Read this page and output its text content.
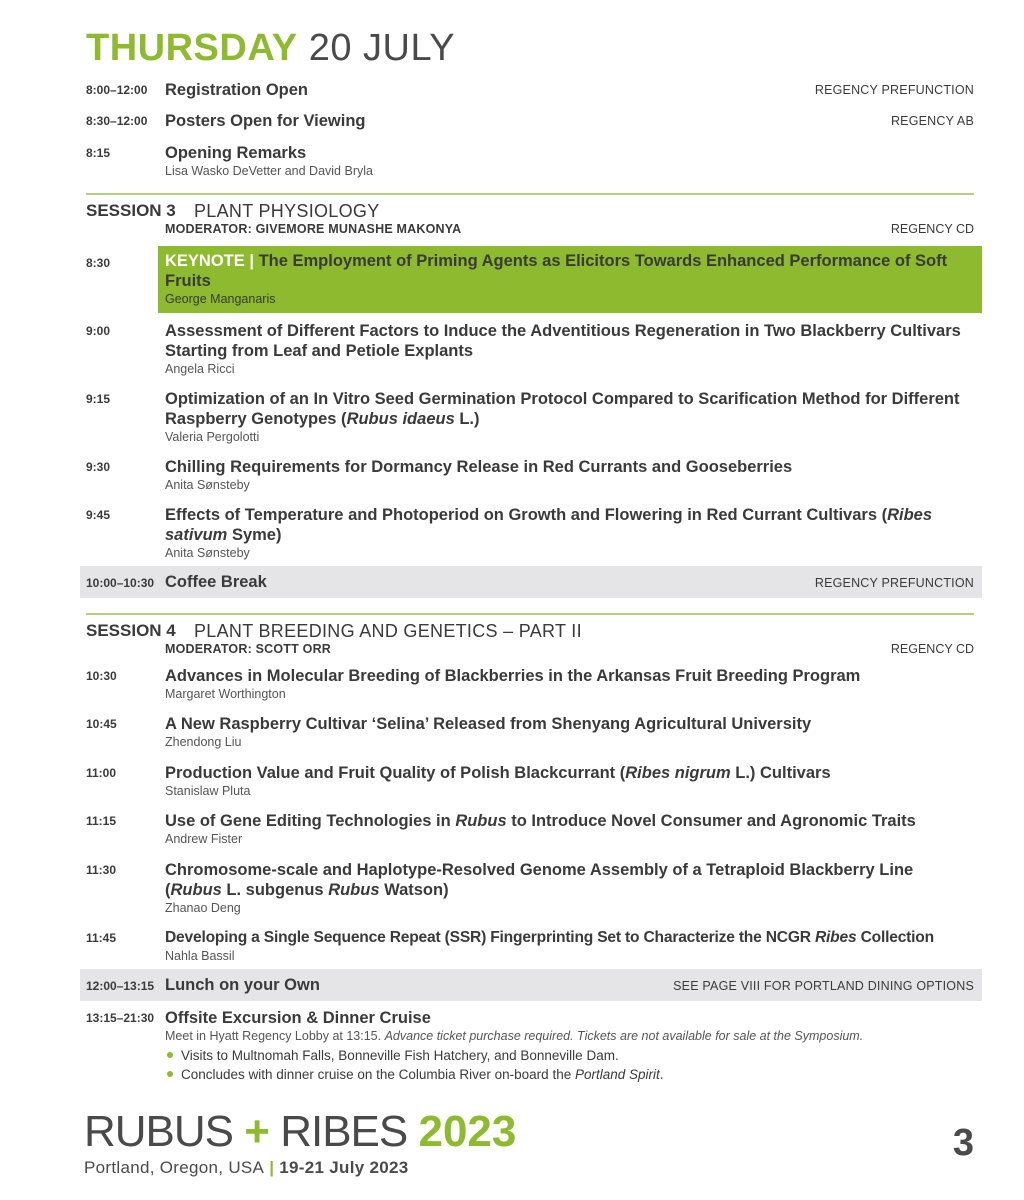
THURSDAY 20 JULY
8:00–12:00 Registration Open	REGENCY PREFUNCTION
8:30–12:00 Posters Open for Viewing	REGENCY AB
8:15	Opening Remarks
Lisa Wasko DeVetter and David Bryla
SESSION 3 PLANT PHYSIOLOGY
MODERATOR: GIVEMORE MUNASHE MAKONYA	REGENCY CD
8:30	KEYNOTE | The Employment of Priming Agents as Elicitors Towards Enhanced Performance of Soft Fruits
George Manganaris
9:00	Assessment of Different Factors to Induce the Adventitious Regeneration in Two Blackberry Cultivars Starting from Leaf and Petiole Explants
Angela Ricci
9:15	Optimization of an In Vitro Seed Germination Protocol Compared to Scarification Method for Different Raspberry Genotypes (Rubus idaeus L.)
Valeria Pergolotti
9:30	Chilling Requirements for Dormancy Release in Red Currants and Gooseberries
Anita Sønsteby
9:45	Effects of Temperature and Photoperiod on Growth and Flowering in Red Currant Cultivars (Ribes sativum Syme)
Anita Sønsteby
10:00–10:30 Coffee Break	REGENCY PREFUNCTION
SESSION 4 PLANT BREEDING AND GENETICS – PART II
MODERATOR: SCOTT ORR	REGENCY CD
10:30	Advances in Molecular Breeding of Blackberries in the Arkansas Fruit Breeding Program
Margaret Worthington
10:45	A New Raspberry Cultivar ‘Selina’ Released from Shenyang Agricultural University
Zhendong Liu
11:00	Production Value and Fruit Quality of Polish Blackcurrant (Ribes nigrum L.) Cultivars
Stanislaw Pluta
11:15	Use of Gene Editing Technologies in Rubus to Introduce Novel Consumer and Agronomic Traits
Andrew Fister
11:30	Chromosome-scale and Haplotype-Resolved Genome Assembly of a Tetraploid Blackberry Line (Rubus L. subgenus Rubus Watson)
Zhanao Deng
11:45	Developing a Single Sequence Repeat (SSR) Fingerprinting Set to Characterize the NCGR Ribes Collection
Nahla Bassil
12:00–13:15 Lunch on your Own	SEE PAGE VIII FOR PORTLAND DINING OPTIONS
13:15–21:30 Offsite Excursion & Dinner Cruise
Meet in Hyatt Regency Lobby at 13:15. Advance ticket purchase required. Tickets are not available for sale at the Symposium.
Visits to Multnomah Falls, Bonneville Fish Hatchery, and Bonneville Dam.
Concludes with dinner cruise on the Columbia River on-board the Portland Spirit.
RUBUS + RIBES 2023
Portland, Oregon, USA | 19-21 July 2023
3
